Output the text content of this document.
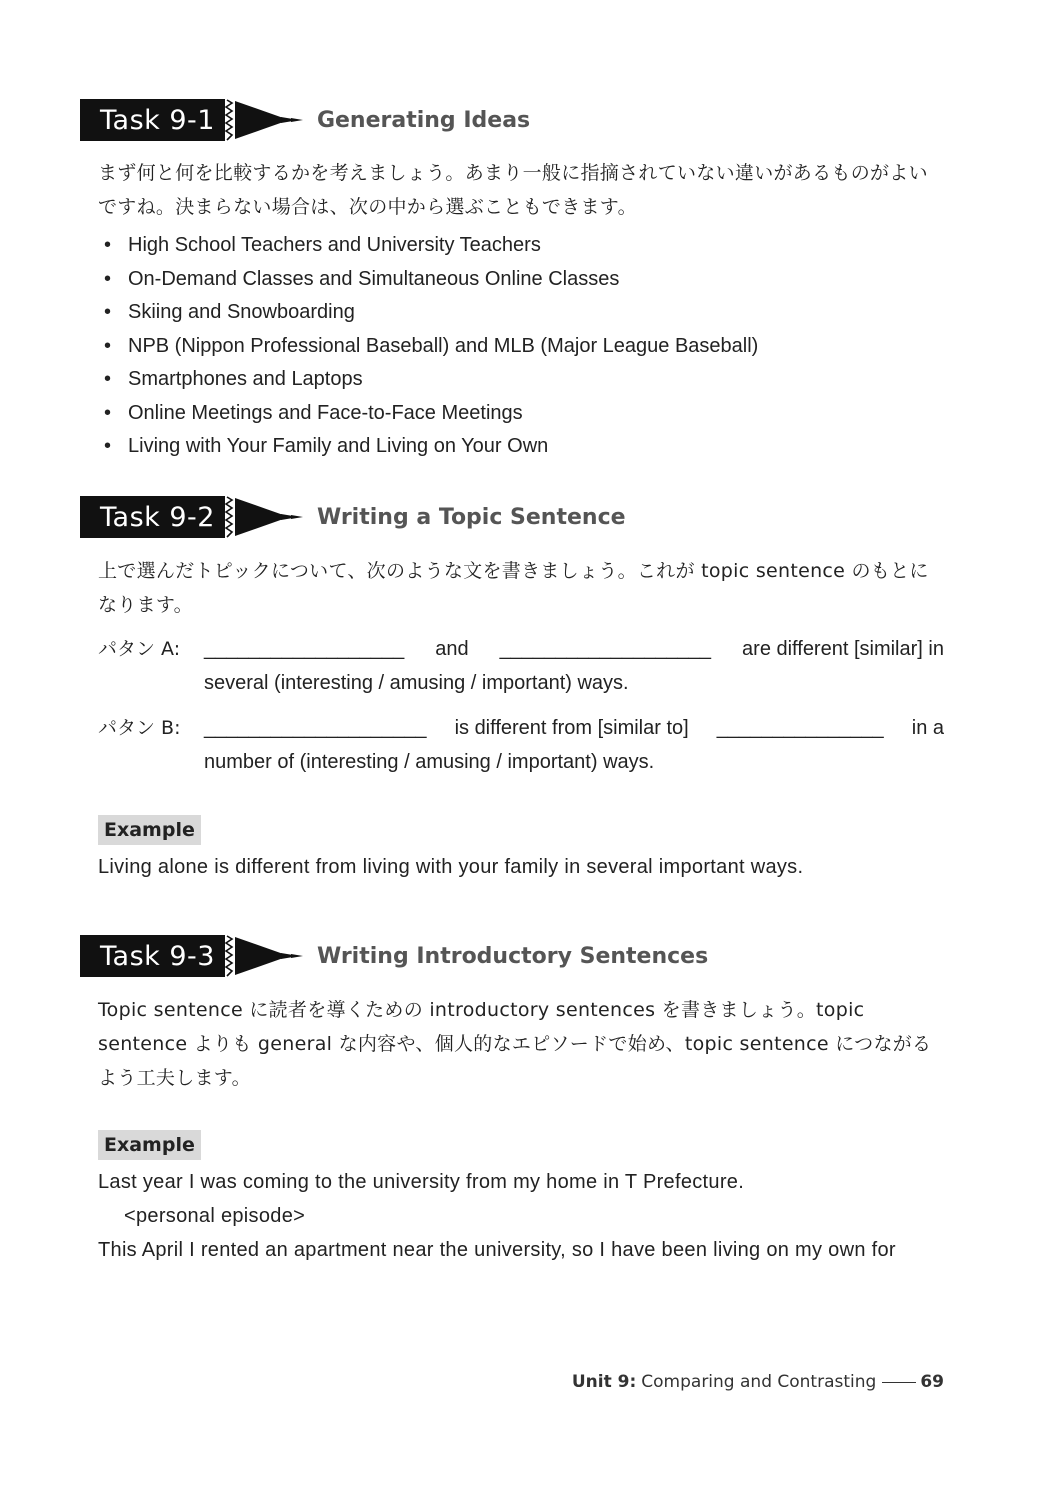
Task 9-1	Generating Ideas
まず何と何を比較するかを考えましょう。あまり一般に指摘されていない違いがあるものがよいですね。決まらない場合は、次の中から選ぶこともできます。
• High School Teachers and University Teachers
• On-Demand Classes and Simultaneous Online Classes
• Skiing and Snowboarding
• NPB (Nippon Professional Baseball) and MLB (Major League Baseball)
• Smartphones and Laptops
• Online Meetings and Face-to-Face Meetings
• Living with Your Family and Living on Your Own
Task 9-2	Writing a Topic Sentence
上で選んだトピックについて、次のような文を書きましょう。これが topic sentence のもとになります。
パタン A: __________________ and ___________________ are different [similar] in
several (interesting / amusing / important) ways.
パタン B: ____________________ is different from [similar to] _______________ in a
number of (interesting / amusing / important) ways.
Example
Living alone is different from living with your family in several important ways.
Task 9-3	Writing Introductory Sentences
Topic sentence に読者を導くための introductory sentences を書きましょう。topic sentence よりも general な内容や、個人的なエピソードで始め、topic sentence につながるよう工夫します。
Example
Last year I was coming to the university from my home in T Prefecture.
<personal episode>
This April I rented an apartment near the university, so I have been living on my own for
Unit 9: Comparing and Contrasting	69
